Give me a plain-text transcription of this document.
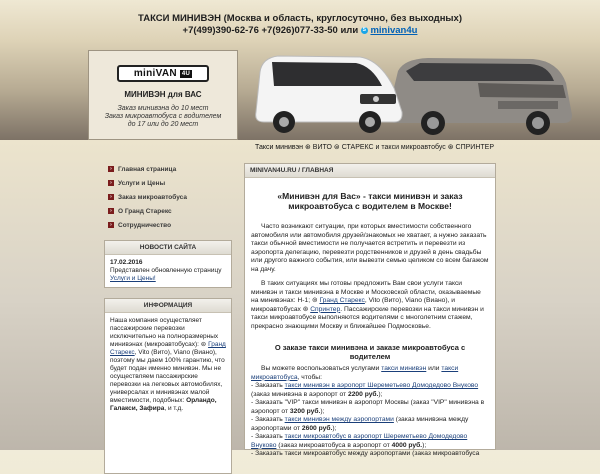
ТАКСИ МИНИВЭН (Москва и область, круглосуточно, без выходных)
+7(499)390-62-76 +7(926)077-33-50 или S minivan4u
miniVAN 4U
МИНИВЭН для ВАС
Заказ минивэна до 10 мест
Заказ микроавтобуса с водителем
до 17 или до 20 мест
Такси минивэн ⊛ ВИТО ⊜ СТАРЕКС и такси микроавтобус ⊛ СПРИНТЕР
› Главная страница
› Услуги и Цены
› Заказ микроавтобуса
› О Гранд Старекс
› Сотрудничество
НОВОСТИ САЙТА
17.02.2016
Представлен обновленную страницу Услуги и Цены!
ИНФОРМАЦИЯ
Наша компания осуществляет пассажирские перевозки исключительно на полноразмерных минивэнах (микроавтобусах): ⊜ Гранд Старекс, Vito (Вито), Viano (Виано), поэтому мы даем 100% гарантию, что будет подан именно минивэн. Мы не осуществляем пассажирские перевозки на легковых автомобилях, универсалах и минивэнах малой вместимости, подобных: Орландо, Галакси, Зафира, и т.д.
MINIVAN4U.RU / ГЛАВНАЯ
«Минивэн для Вас» - такси минивэн и заказ микроавтобуса с водителем в Москве!

Часто возникают ситуации, при которых вместимости собственного автомобиля или автомобиля друзей/знакомых не хватает, а нужно заказать такси обычной вместимости не получается встретить и перевезти из аэропорта делегацию, перевезти родственников и друзей в день свадьбы или другого важного события, или вывезти семью целиком со всем багажом на дачу.

В таких ситуациях мы готовы предложить Вам свои услуги такси минивэн и такси минивэна в Москве и Московской области, оказываемые на минивэнах: Н-1; ⊜ Гранд Старекс, Vito (Вито), Viano (Виано), и микроавтобусах ⊛ Спринтер. Пассажирские перевозки на такси минивэн и такси микроавтобусе выполняются водителями с многолетним стажем, прекрасно знающими Москву и ближайшее Подмосковье.

О заказе такси минивэна и заказе микроавтобуса с водителем
Вы можете воспользоваться услугами такси минивэн или такси микроавтобуса, чтобы:
- Заказать такси минивэн в аэропорт Шереметьево Домодедово Внуково (заказ минивэна в аэропорт от 2200 руб.);
- Заказать "VIP" такси минивэн в аэропорт Москвы (заказ "VIP" минивэна в аэропорт от 3200 руб.);
- Заказать такси минивэн между аэропортами (заказ минивэна между аэропортами от 2600 руб.);
- Заказать такси микроавтобус в аэропорт Шереметьево Домодедово Внуково (заказ микроавтобуса в аэропорт от 4000 руб.);
- Заказать такси микроавтобус между аэропортами (заказ микроавтобуса
